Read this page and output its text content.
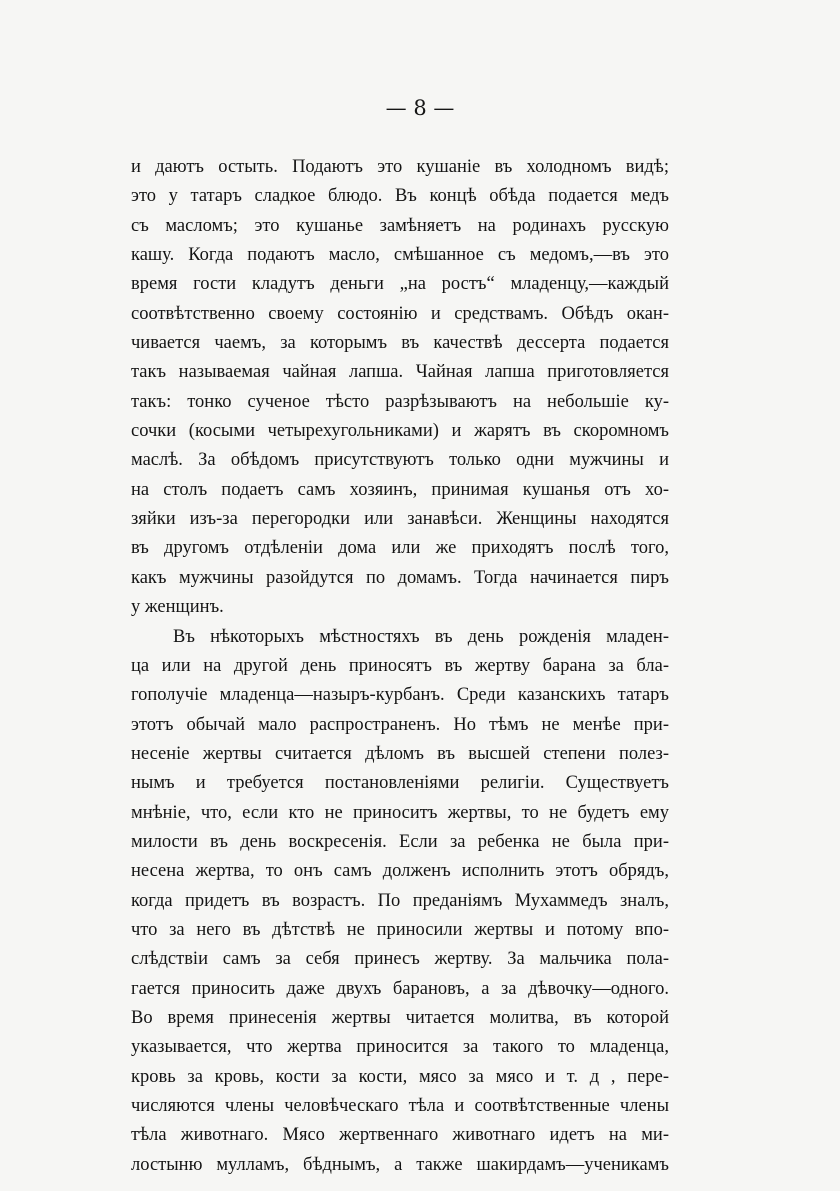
— 8 —
и даютъ остыть. Подаютъ это кушанie въ холодномъ видѣ;
это у татаръ сладкое блюдо. Въ концѣ обѣда подается медъ
съ масломъ; это кушанье замѣняетъ на родинахъ русскую
кашу. Когда подаютъ масло, смѣшанное съ медомъ,—въ это
время гости кладутъ деньги „на ростъ“ младенцу,—каждый
соотвѣтственно своему состоянiю и средствамъ. Обѣдъ окан-
чивается чаемъ, за которымъ въ качествѣ дессерта подается
такъ называемая чайная лапша. Чайная лапша приготовляется
такъ: тонко сученое тѣсто разрѣзываютъ на небольшiе ку-
сочки (косыми четырехугольниками) и жарятъ въ скоромномъ
маслѣ. За обѣдомъ присутствуютъ только одни мужчины и
на столъ подаетъ самъ хозяинъ, принимая кушанья отъ хо-
зяйки изъ-за перегородки или занавѣси. Женщины находятся
въ другомъ отдѣленiи дома или же приходятъ послѣ того,
какъ мужчины разойдутся по домамъ. Тогда начинается пиръ
у женщинъ.
Въ нѣкоторыхъ мѣстностяхъ въ день рожденiя младен-
ца или на другой день приносятъ въ жертву барана за бла-
гополучiе младенца—назыръ-курбанъ. Среди казанскихъ татаръ
этотъ обычай мало распространенъ. Но тѣмъ не менѣе при-
несенiе жертвы считается дѣломъ въ высшей степени полез-
нымъ и требуется постановленiями религiи. Существуетъ
мнѣнiе, что, если кто не приноситъ жертвы, то не будетъ ему
милости въ день воскресенiя. Если за ребенка не была при-
несена жертва, то онъ самъ долженъ исполнить этотъ обрядъ,
когда придетъ въ возрастъ. По преданiямъ Мухаммедъ зналъ,
что за него въ дѣтствѣ не приносили жертвы и потому впо-
слѣдствiи самъ за себя принесъ жертву. За мальчика пола-
гается приносить даже двухъ барановъ, а за дѣвочку—одного.
Во время принесенiя жертвы читается молитва, въ которой
указывается, что жертва приносится за такого то младенца,
кровь за кровь, кости за кости, мясо за мясо и т. д , пере-
числяются члены человѣческаго тѣла и соотвѣтственные члены
тѣла животнаго. Мясо жертвеннаго животнаго идетъ на ми-
лостыню мулламъ, бѣднымъ, а также шакирдамъ—ученикамъ
